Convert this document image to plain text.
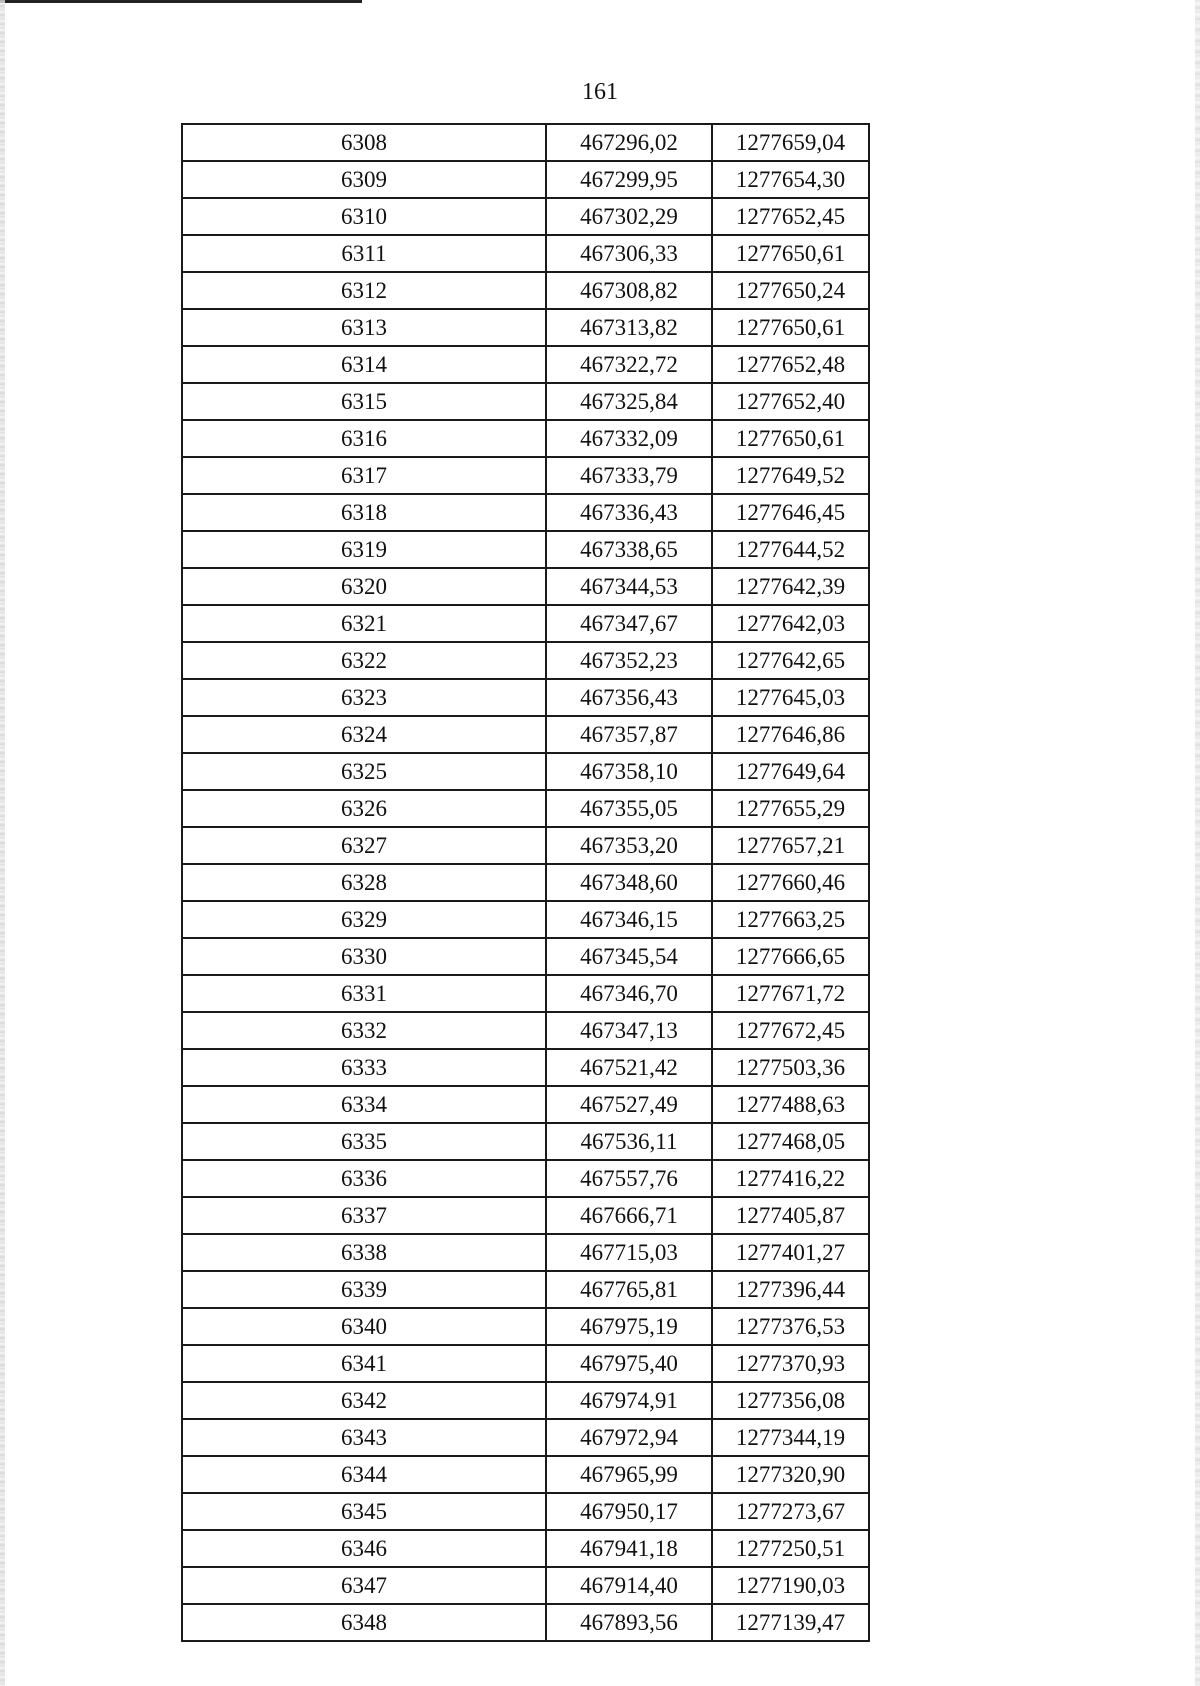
161
6308	467296,02	1277659,04
6309	467299,95	1277654,30
6310	467302,29	1277652,45
6311	467306,33	1277650,61
6312	467308,82	1277650,24
6313	467313,82	1277650,61
6314	467322,72	1277652,48
6315	467325,84	1277652,40
6316	467332,09	1277650,61
6317	467333,79	1277649,52
6318	467336,43	1277646,45
6319	467338,65	1277644,52
6320	467344,53	1277642,39
6321	467347,67	1277642,03
6322	467352,23	1277642,65
6323	467356,43	1277645,03
6324	467357,87	1277646,86
6325	467358,10	1277649,64
6326	467355,05	1277655,29
6327	467353,20	1277657,21
6328	467348,60	1277660,46
6329	467346,15	1277663,25
6330	467345,54	1277666,65
6331	467346,70	1277671,72
6332	467347,13	1277672,45
6333	467521,42	1277503,36
6334	467527,49	1277488,63
6335	467536,11	1277468,05
6336	467557,76	1277416,22
6337	467666,71	1277405,87
6338	467715,03	1277401,27
6339	467765,81	1277396,44
6340	467975,19	1277376,53
6341	467975,40	1277370,93
6342	467974,91	1277356,08
6343	467972,94	1277344,19
6344	467965,99	1277320,90
6345	467950,17	1277273,67
6346	467941,18	1277250,51
6347	467914,40	1277190,03
6348	467893,56	1277139,47
